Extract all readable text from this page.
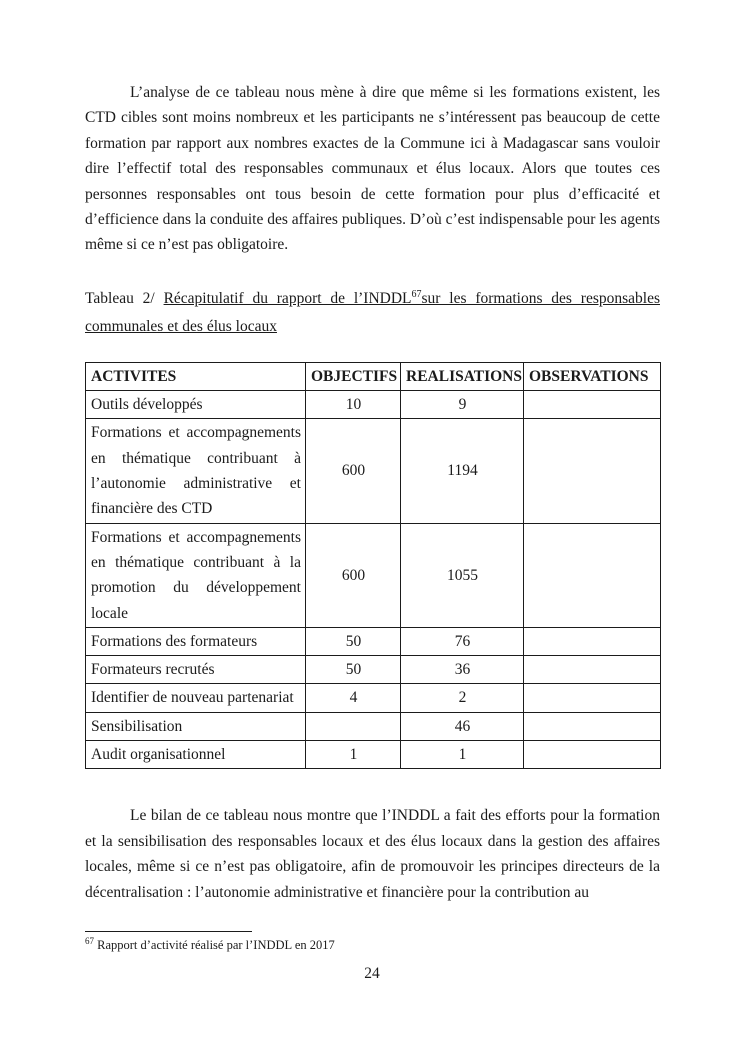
L’analyse de ce tableau nous mène à dire que même si les formations existent, les CTD cibles sont moins nombreux et les participants ne s’intéressent pas beaucoup de cette formation par rapport aux nombres exactes de la Commune ici à Madagascar sans vouloir dire l’effectif total des responsables communaux et élus locaux. Alors que toutes ces personnes responsables ont tous besoin de cette formation pour plus d’efficacité et d’efficience dans la conduite des affaires publiques. D’où c’est indispensable pour les agents même si ce n’est pas obligatoire.

Tableau 2/ Récapitulatif du rapport de l’INDDL$^{67}$sur les formations des responsables communales et des élus locaux

ACTIVITES	OBJECTIFS	REALISATIONS	OBSERVATIONS
Outils développés	10	9	
Formations et accompagnements en thématique contribuant à l’autonomie administrative et financière des CTD	600	1194	
Formations et accompagnements en thématique contribuant à la promotion du développement locale	600	1055	
Formations des formateurs	50	76	
Formateurs recrutés	50	36	
Identifier de nouveau partenariat	4	2	
Sensibilisation		46	
Audit organisationnel	1	1	

Le bilan de ce tableau nous montre que l’INDDL a fait des efforts pour la formation et la sensibilisation des responsables locaux et des élus locaux dans la gestion des affaires locales, même si ce n’est pas obligatoire, afin de promouvoir les principes directeurs de la décentralisation : l’autonomie administrative et financière pour la contribution au

$^{67}$ Rapport d’activité réalisé par l’INDDL en 2017

24
